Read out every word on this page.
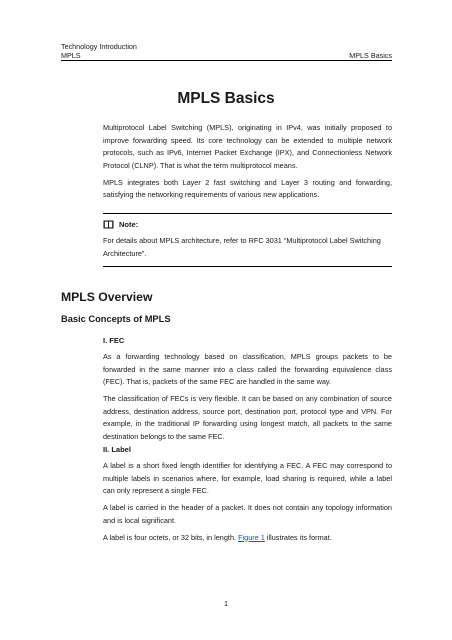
Technology Introduction
MPLS	MPLS Basics
MPLS Basics

Multiprotocol Label Switching (MPLS), originating in IPv4, was initially proposed to improve forwarding speed. Its core technology can be extended to multiple network protocols, such as IPv6, Internet Packet Exchange (IPX), and Connectionless Network Protocol (CLNP). That is what the term multiprotocol means.

MPLS integrates both Layer 2 fast switching and Layer 3 routing and forwarding, satisfying the networking requirements of various new applications.

Note:
For details about MPLS architecture, refer to RFC 3031 “Multiprotocol Label Switching Architecture”.
MPLS Overview
Basic Concepts of MPLS
I. FEC

As a forwarding technology based on classification, MPLS groups packets to be forwarded in the same manner into a class called the forwarding equivalence class (FEC). That is, packets of the same FEC are handled in the same way.

The classification of FECs is very flexible. It can be based on any combination of source address, destination address, source port, destination port, protocol type and VPN. For example, in the traditional IP forwarding using longest match, all packets to the same destination belongs to the same FEC.

II. Label

A label is a short fixed length identifier for identifying a FEC. A FEC may correspond to multiple labels in scenarios where, for example, load sharing is required, while a label can only represent a single FEC.

A label is carried in the header of a packet. It does not contain any topology information and is local significant.

A label is four octets, or 32 bits, in length. Figure 1 illustrates its format.

1
